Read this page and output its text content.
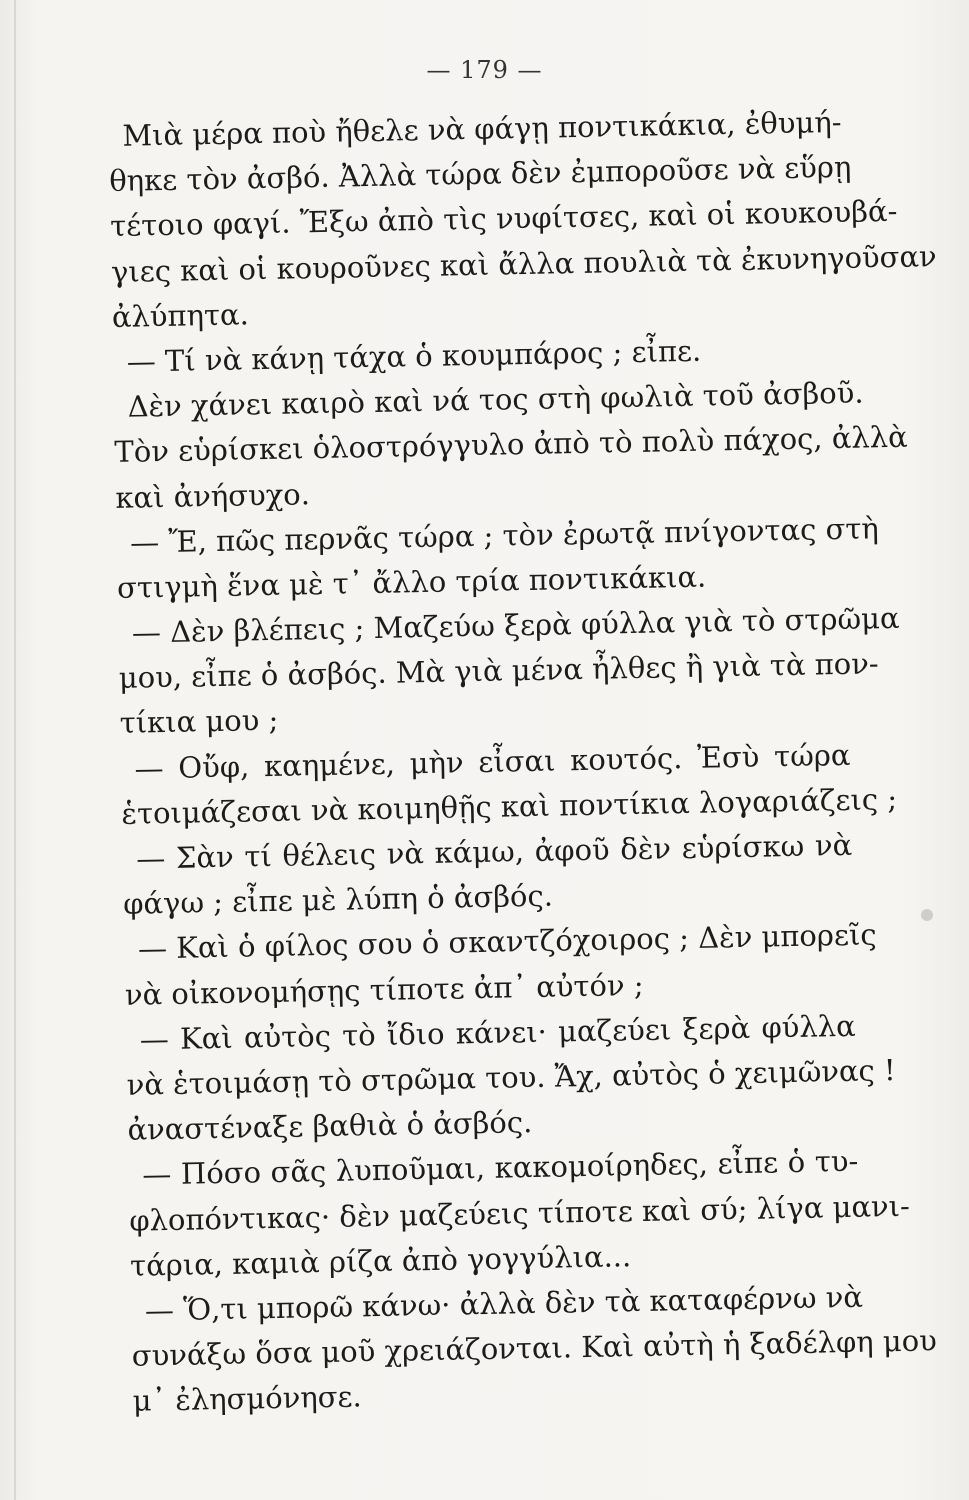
— 179 —
Μιὰ μέρα ποὺ ἤθελε νὰ φάγῃ ποντικάκια, ἐθυμή-
θηκε τὸν ἀσβό. Ἀλλὰ τώρα δὲν ἐμποροῦσε νὰ εὕρῃ
τέτοιο φαγί. Ἔξω ἀπὸ τὶς νυφίτσες, καὶ οἱ κουκουβά-
γιες καὶ οἱ κουροῦνες καὶ ἄλλα πουλιὰ τὰ ἐκυνηγοῦσαν
ἀλύπητα.
— Τί νὰ κάνῃ τάχα ὁ κουμπάρος ; εἶπε.
Δὲν χάνει καιρὸ καὶ νά τος στὴ φωλιὰ τοῦ ἀσβοῦ.
Τὸν εὑρίσκει ὁλοστρόγγυλο ἀπὸ τὸ πολὺ πάχος, ἀλλὰ
καὶ ἀνήσυχο.
— Ἔ, πῶς περνᾶς τώρα ; τὸν ἐρωτᾷ πνίγοντας στὴ
στιγμὴ ἕνα μὲ τ᾽ ἄλλο τρία ποντικάκια.
— Δὲν βλέπεις ; Μαζεύω ξερὰ φύλλα γιὰ τὸ στρῶμα
μου, εἶπε ὁ ἀσβός. Μὰ γιὰ μένα ἦλθες ἢ γιὰ τὰ πον-
τίκια μου ;
— Οὔφ, καημένε, μὴν εἶσαι κουτός. Ἐσὺ τώρα
ἑτοιμάζεσαι νὰ κοιμηθῇς καὶ ποντίκια λογαριάζεις ;
— Σὰν τί θέλεις νὰ κάμω, ἀφοῦ δὲν εὑρίσκω νὰ
φάγω ; εἶπε μὲ λύπη ὁ ἀσβός.
— Καὶ ὁ φίλος σου ὁ σκαντζόχοιρος ; Δὲν μπορεῖς
νὰ οἰκονομήσῃς τίποτε ἀπ᾽ αὐτόν ;
— Καὶ αὐτὸς τὸ ἴδιο κάνει· μαζεύει ξερὰ φύλλα
νὰ ἑτοιμάσῃ τὸ στρῶμα του. Ἄχ, αὐτὸς ὁ χειμῶνας !
ἀναστέναξε βαθιὰ ὁ ἀσβός.
— Πόσο σᾶς λυποῦμαι, κακομοίρηδες, εἶπε ὁ τυ-
φλοπόντικας· δὲν μαζεύεις τίποτε καὶ σύ; λίγα μανι-
τάρια, καμιὰ ρίζα ἀπὸ γογγύλια...
— Ὅ,τι μπορῶ κάνω· ἀλλὰ δὲν τὰ καταφέρνω νὰ
συνάξω ὅσα μοῦ χρειάζονται. Καὶ αὐτὴ ἡ ξαδέλφη μου
μ᾽ ἐλησμόνησε.
